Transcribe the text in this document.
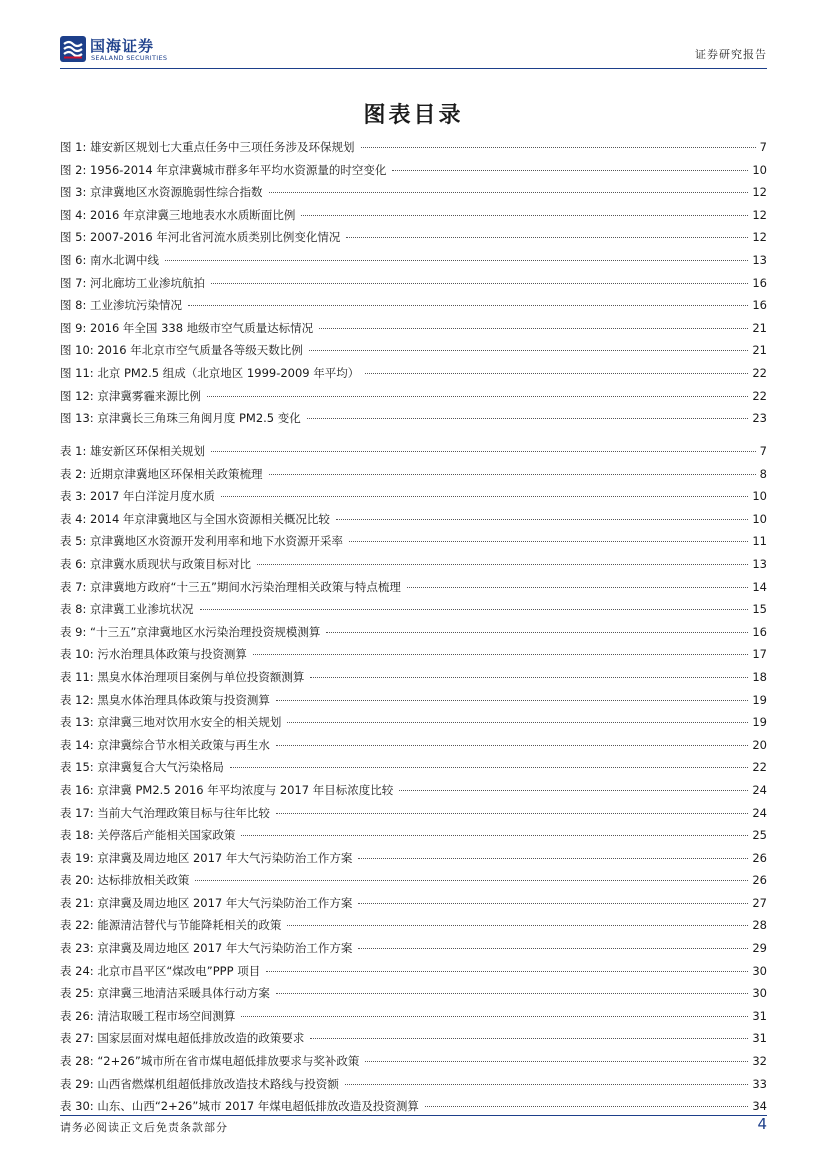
国海证券
SEALAND SECURITIES	证券研究报告
图表目录
图 1: 雄安新区规划七大重点任务中三项任务涉及环保规划	7
图 2: 1956-2014 年京津冀城市群多年平均水资源量的时空变化	10
图 3: 京津冀地区水资源脆弱性综合指数	12
图 4: 2016 年京津冀三地地表水水质断面比例	12
图 5: 2007-2016 年河北省河流水质类别比例变化情况	12
图 6: 南水北调中线	13
图 7: 河北廊坊工业渗坑航拍	16
图 8: 工业渗坑污染情况	16
图 9: 2016 年全国 338 地级市空气质量达标情况	21
图 10: 2016 年北京市空气质量各等级天数比例	21
图 11: 北京 PM2.5 组成（北京地区 1999-2009 年平均）	22
图 12: 京津冀雾霾来源比例	22
图 13: 京津冀长三角珠三角闽月度 PM2.5 变化	23
表 1: 雄安新区环保相关规划	7
表 2: 近期京津冀地区环保相关政策梳理	8
表 3: 2017 年白洋淀月度水质	10
表 4: 2014 年京津冀地区与全国水资源相关概况比较	10
表 5: 京津冀地区水资源开发利用率和地下水资源开采率	11
表 6: 京津冀水质现状与政策目标对比	13
表 7: 京津冀地方政府“十三五”期间水污染治理相关政策与特点梳理	14
表 8: 京津冀工业渗坑状况	15
表 9: “十三五”京津冀地区水污染治理投资规模测算	16
表 10: 污水治理具体政策与投资测算	17
表 11: 黑臭水体治理项目案例与单位投资额测算	18
表 12: 黑臭水体治理具体政策与投资测算	19
表 13: 京津冀三地对饮用水安全的相关规划	19
表 14: 京津冀综合节水相关政策与再生水	20
表 15: 京津冀复合大气污染格局	22
表 16: 京津冀 PM2.5 2016 年平均浓度与 2017 年目标浓度比较	24
表 17: 当前大气治理政策目标与往年比较	24
表 18: 关停落后产能相关国家政策	25
表 19: 京津冀及周边地区 2017 年大气污染防治工作方案	26
表 20: 达标排放相关政策	26
表 21: 京津冀及周边地区 2017 年大气污染防治工作方案	27
表 22: 能源清洁替代与节能降耗相关的政策	28
表 23: 京津冀及周边地区 2017 年大气污染防治工作方案	29
表 24: 北京市昌平区“煤改电”PPP 项目	30
表 25: 京津冀三地清洁采暖具体行动方案	30
表 26: 清洁取暖工程市场空间测算	31
表 27: 国家层面对煤电超低排放改造的政策要求	31
表 28: “2+26”城市所在省市煤电超低排放要求与奖补政策	32
表 29: 山西省燃煤机组超低排放改造技术路线与投资额	33
表 30: 山东、山西“2+26”城市 2017 年煤电超低排放改造及投资测算	34
请务必阅读正文后免责条款部分	4
